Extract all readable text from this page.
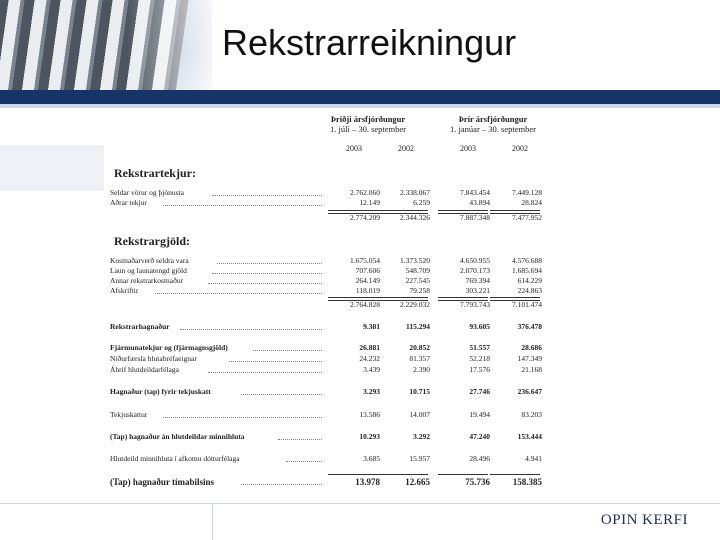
Rekstrarreikningur
Þriðji ársfjórðungur
1. júlí – 30. september
Þrír ársfjórðungur
1. janúar – 30. september
2003	2002	2003	2002
Rekstrartekjur:
Rekstrargjöld:
Seldar vörur og þjónusta	2.762.060	2.338.067	7.843.454	7.449.128
Aðrar tekjur	12.149	6.259	43.894	28.824
2.774.209	2.344.326	7.887.348	7.477.952
Kostnaðarverð seldra vara	1.675.054	1.373.520	4.650.955	4.576.688
Laun og launatengd gjöld	707.606	548.709	2.070.173	1.685.694
Annar rekstrarkostnaður	264.149	227.545	769.394	614.229
Afskriftir	118.019	79.258	303.221	224.863
2.764.828	2.229.032	7.793.743	7.101.474
Rekstrarhagnaður	9.381	115.294	93.605	376.478
Fjármunatekjur og (fjármagnsgjöld)	26.881	20.852	51.557	28.686
Niðurfærsla hlutabréfaeignar	24.232	81.357	52.218	147.349
Áhrif hlutdeildarfélaga	3.439	2.390	17.576	21.168
Hagnaður (tap) fyrir tekjuskatt	3.293	10.715	27.746	236.647
Tekjuskattur	13.586	14.007	19.494	83.203
(Tap) hagnaður án hlutdeildar minnihluta	10.293	3.292	47.240	153.444
Hlutdeild minnihluta í afkomu dótturfélaga	3.685	15.957	28.496	4.941
(Tap) hagnaður tímabilsins	13.978	12.665	75.736	158.385
OPIN KERFI
